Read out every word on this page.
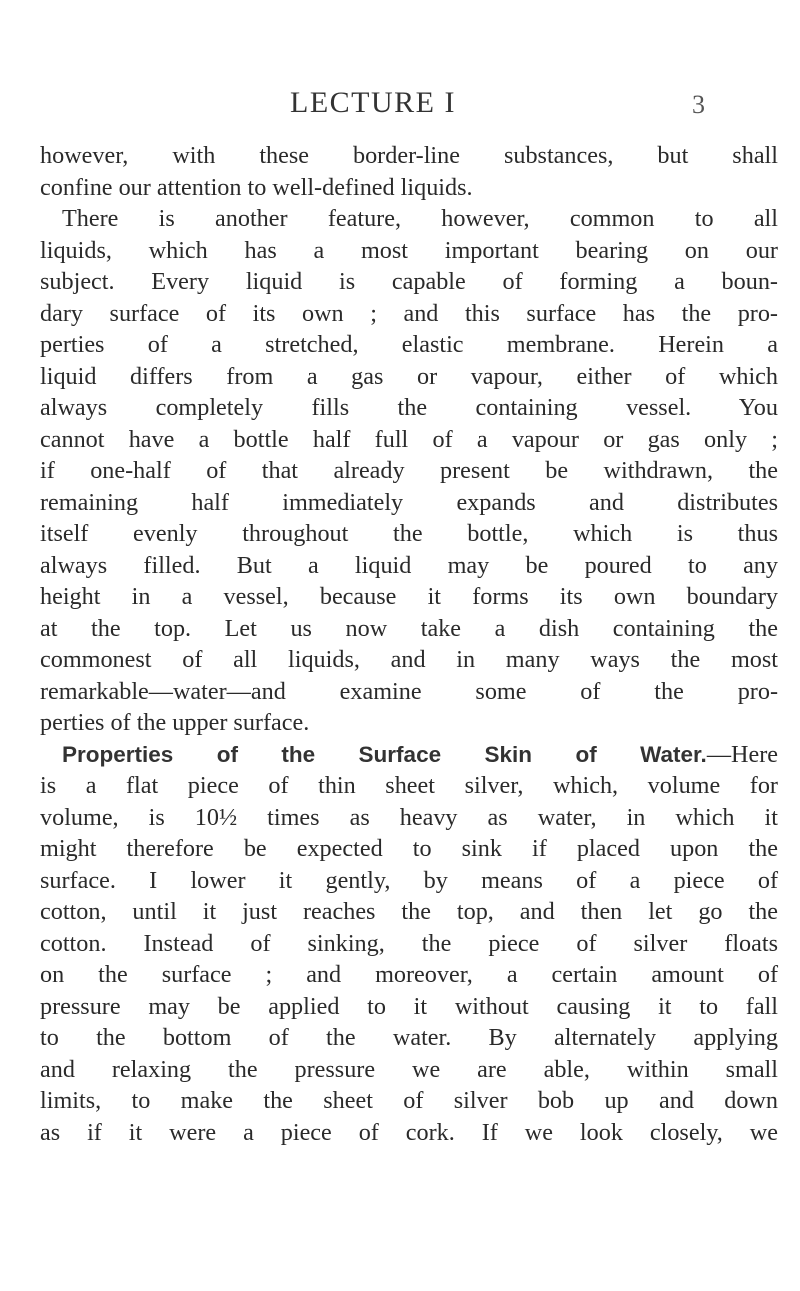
LECTURE I	3
however, with these border-line substances, but shall
confine our attention to well-defined liquids.
There is another feature, however, common to all
liquids, which has a most important bearing on our
subject. Every liquid is capable of forming a boun-
dary surface of its own ; and this surface has the pro-
perties of a stretched, elastic membrane. Herein a
liquid differs from a gas or vapour, either of which
always completely fills the containing vessel. You
cannot have a bottle half full of a vapour or gas only ;
if one-half of that already present be withdrawn, the
remaining half immediately expands and distributes
itself evenly throughout the bottle, which is thus
always filled. But a liquid may be poured to any
height in a vessel, because it forms its own boundary
at the top. Let us now take a dish containing the
commonest of all liquids, and in many ways the most
remarkable—water—and examine some of the pro-
perties of the upper surface.
Properties of the Surface Skin of Water.—Here
is a flat piece of thin sheet silver, which, volume for
volume, is 10½ times as heavy as water, in which it
might therefore be expected to sink if placed upon the
surface. I lower it gently, by means of a piece of
cotton, until it just reaches the top, and then let go the
cotton. Instead of sinking, the piece of silver floats
on the surface ; and moreover, a certain amount of
pressure may be applied to it without causing it to fall
to the bottom of the water. By alternately applying
and relaxing the pressure we are able, within small
limits, to make the sheet of silver bob up and down
as if it were a piece of cork. If we look closely, we
